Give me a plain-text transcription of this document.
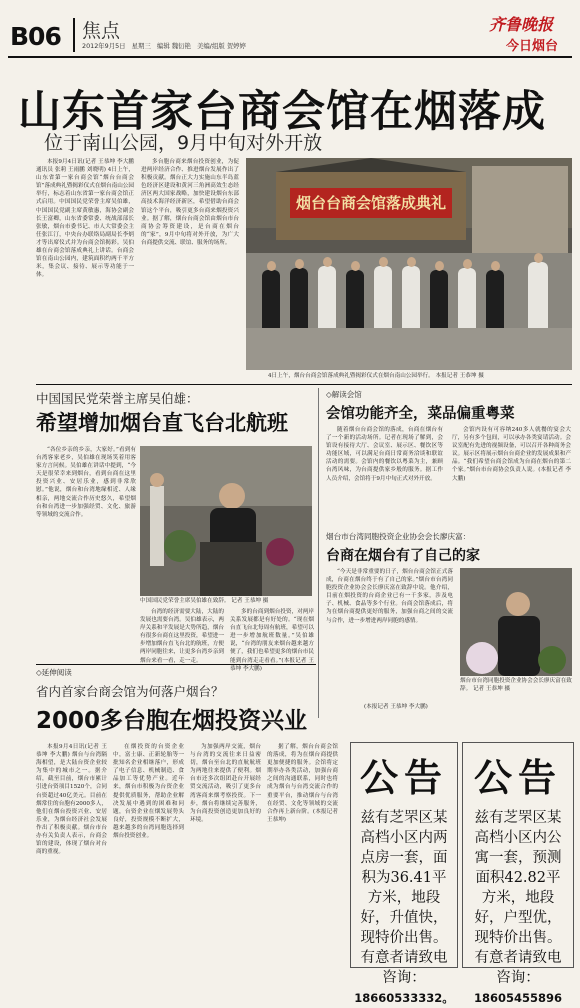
B06 焦点
2012年9月5日   星期三   编辑 魏衍艳   美编/组版 贺婷婷
齐鲁晚报
今日烟台
山东首家台商会馆在烟落成
位于南山公园，9月中旬对外开放

本报9月4日讯(记者 王恭坤 李大鹏 通讯员 张莉 王雨鹏 刘晓明) 4日上午，山东省第一家台商会馆“烟台台商会馆”落成典礼暨揭彩仪式在烟台南山公园举行，标志着山东省第一家台商会馆正式启用。中国国民党荣誉主席吴伯雄，中国国民党副主席黄敏惠，海协会副会长王富卿，山东省委常委、统战部部长张敏，烟台市委书记、市人大常委会主任张江汀，中央台办联络局副局长李炳才等出席仪式并为台商会馆揭彩。吴伯雄在台商会馆落成典礼上讲话。台商会馆在南山公园内，建筑面积约两千平方米，集会议、接待、展示等功能于一体。

多台胞台商来烟台投资创业，为促进两岸经济合作、推进烟台发展作出了积极贡献。烟台正大力实施山东半岛蓝色经济区建设和黄河三角洲高效生态经济区两大国家战略，加快建设烟台东部高技术海洋经济新区，希望借助台商会馆这个平台，吸引更多台商来烟投资兴业。据了解，烟台台商会馆由烟台市台商协会筹资建设，是台商在烟台的“家”，9月中旬将对外开放，为广大台商提供交流、联谊、服务的场所。

烟台台商会馆落成典礼
4日上午，烟台台商会馆落成典礼暨揭彩仪式在烟台南山公园举行。 本报记者 王恭坤 摄
中国国民党荣誉主席吴伯雄：
希望增加烟台直飞台北航班

“各位乡亲的乡亲，大家好。”看到有台湾客家老乡，吴伯雄在现场笑着用客家方言问候。吴伯雄在讲话中提到，“今天是很荣幸来到烟台，看到台商在这里投资兴业、安居乐业，感到非常欣慰。”他说，烟台和台湾地缘相近、人缘相亲，两地交流合作历史悠久，希望烟台和台湾进一步加强经贸、文化、旅游等领域的交流合作。

中国国民党荣誉主席吴伯雄在致辞。 记者 王恭坤 摄

台湾的经济需要大陆，大陆的发展也需要台湾。吴伯雄表示，两岸关系和平发展是大势所趋，烟台有很多台商在这里投资，希望进一步增加烟台直飞台北的航班，方便两岸同胞往来，让更多台湾乡亲到烟台来看一看，走一走。

多的台商到烟台投资，对两岸关系发展都是有好处的。“现在烟台直飞台北每周有航班，希望可以进一步增加航班数量。”吴伯雄说，“台湾的朋友来烟台越来越方便了，我们也希望更多的烟台市民能到台湾走走看看。”(本报记者 王恭坤 李大鹏)

◇解读会馆
会馆功能齐全，菜品偏重粤菜

随着烟台台商会馆的落成，台商在烟台有了一个新的活动场所。记者在现场了解到，会馆设有接待大厅、会议室、展示区、餐饮区等功能区域，可以满足台商日常商务洽谈和联谊活动的需要。会馆内的餐饮以粤菜为主，兼顾台湾风味，为台商提供家乡般的服务。据工作人员介绍，会馆将于9月中旬正式对外开放。

会馆内设有可容纳240多人就餐的宴会大厅，另有多个包间，可以承办各类宴请活动。会议室配有先进的视频设备，可以召开各种商务会议。展示区将展示烟台台商企业的发展成果和产品。“我们希望台商会馆成为台商在烟台的第二个家。”烟台市台商协会负责人说。(本报记者 李大鹏)

烟台市台湾同胞投资企业协会会长廖庆富：
台商在烟台有了自己的家

“今天是非常重要的日子，烟台台商会馆正式落成，台商在烟台终于有了自己的家。”烟台市台湾同胞投资企业协会会长廖庆富在致辞中说。他介绍，目前在烟投资的台商企业已有一千多家，涉及电子、机械、食品等多个行业。台商会馆落成后，将为在烟台商提供更好的服务，加强台商之间的交流与合作，进一步增进两岸同胞的感情。

烟台市台湾同胞投资企业协会会长廖庆富在致辞。 记者 王恭坤 摄
(本报记者 王恭坤 李大鹏)
◇延伸阅读
省内首家台商会馆为何落户烟台？
2000多台胞在烟投资兴业

本报9月4日讯(记者 王恭坤 李大鹏) 烟台与台湾隔海相望，是大陆台资企业较为集中的城市之一。据介绍，截至目前，烟台市累计引进台资项目1520个，合同台资超过40亿美元。目前在烟常住的台胞有2000多人，他们在烟台投资兴业、安居乐业，为烟台经济社会发展作出了积极贡献。烟台市台办有关负责人表示，台商会馆的建设，体现了烟台对台商的重视。

在烟投资的台资企业中，富士康、正新轮胎等一批知名企业相继落户，形成了电子信息、机械制造、食品加工等优势产业。近年来，烟台市积极为台资企业提供优质服务，帮助企业解决发展中遇到的困难和问题，台资企业在烟发展势头良好，投资规模不断扩大，越来越多的台湾同胞选择到烟台投资创业。

为加强两岸交流，烟台与台湾的交流往来日益密切，烟台至台北的直航航班为两地往来提供了便利。烟台市还多次组团赴台开展经贸交流活动，吸引了更多台湾客商来烟考察投资。下一步，烟台将继续完善服务，为台商投资创造更加良好的环境。

据了解，烟台台商会馆的落成，将为在烟台商提供更加便捷的服务。会馆将定期举办各类活动，加强台商之间的沟通联系，同时也将成为烟台与台湾交流合作的重要平台，推动烟台与台湾在经贸、文化等领域的交流合作再上新台阶。(本报记者 王恭坤)

公告
兹有芝罘区某高档小区内两点房一套，面积为36.41平方米，地段好，升值快，现特价出售。有意者请致电咨询：
18660533332。
公告
兹有芝罘区某高档小区内公寓一套，预测面积42.82平方米，地段好，户型优，现特价出售。有意者请致电咨询：
18605455896
